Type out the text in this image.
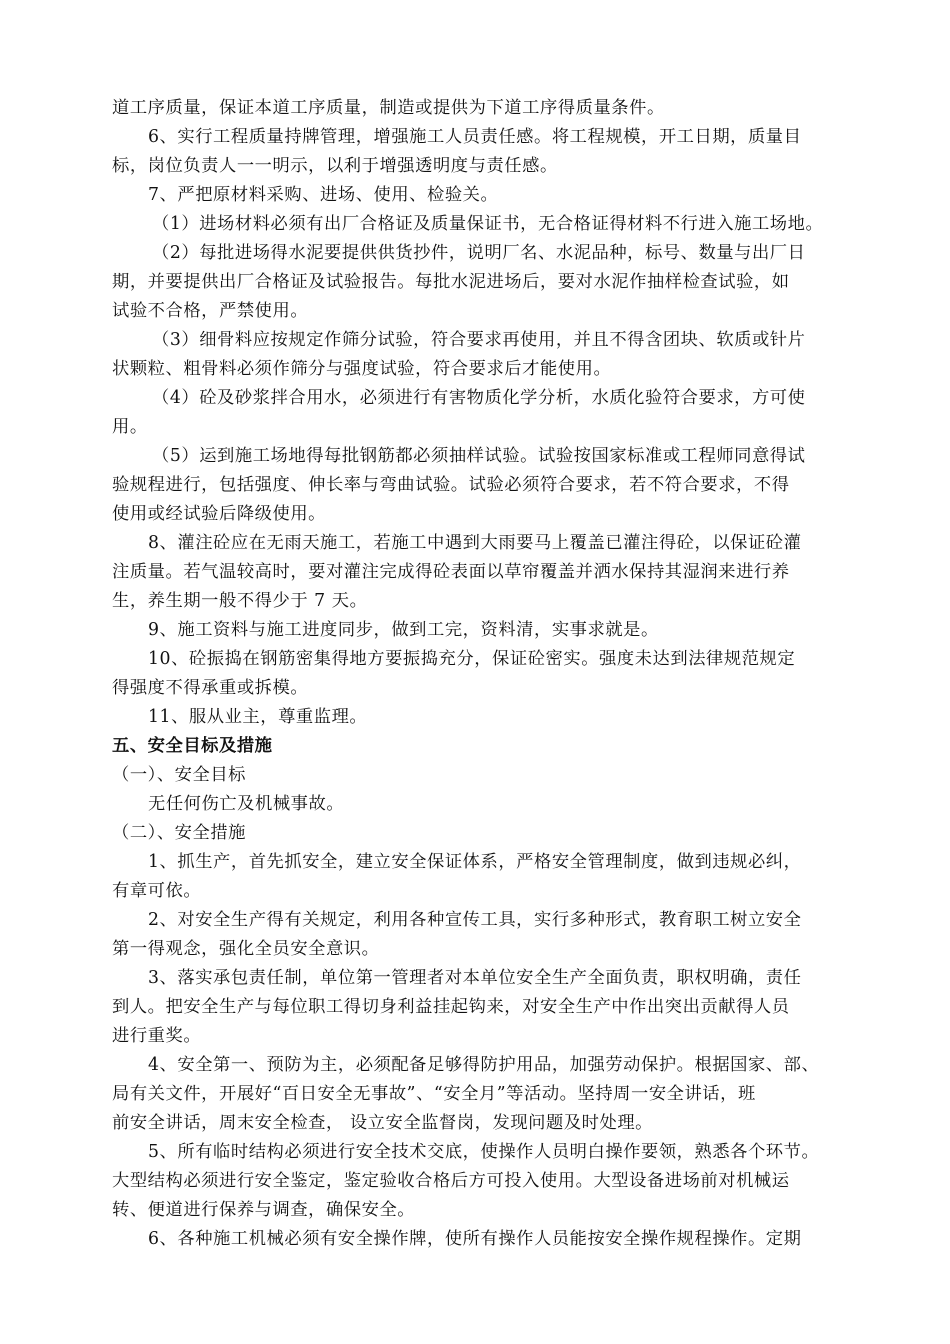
道工序质量，保证本道工序质量，制造或提供为下道工序得质量条件。
6、实行工程质量持牌管理，增强施工人员责任感。将工程规模，开工日期，质量目
标，岗位负责人一一明示，以利于增强透明度与责任感。
7、严把原材料采购、进场、使用、检验关。
（1）进场材料必须有出厂合格证及质量保证书，无合格证得材料不行进入施工场地。
（2）每批进场得水泥要提供供货抄件，说明厂名、水泥品种，标号、数量与出厂日
期，并要提供出厂合格证及试验报告。每批水泥进场后，要对水泥作抽样检查试验，如
试验不合格，严禁使用。
（3）细骨料应按规定作筛分试验，符合要求再使用，并且不得含团块、软质或针片
状颗粒、粗骨料必须作筛分与强度试验，符合要求后才能使用。
（4）砼及砂浆拌合用水，必须进行有害物质化学分析，水质化验符合要求，方可使
用。
（5）运到施工场地得每批钢筋都必须抽样试验。试验按国家标准或工程师同意得试
验规程进行，包括强度、伸长率与弯曲试验。试验必须符合要求，若不符合要求，不得
使用或经试验后降级使用。
8、灌注砼应在无雨天施工，若施工中遇到大雨要马上覆盖已灌注得砼，以保证砼灌
注质量。若气温较高时，要对灌注完成得砼表面以草帘覆盖并洒水保持其湿润来进行养
生，养生期一般不得少于 7 天。
9、施工资料与施工进度同步，做到工完，资料清，实事求就是。
10、砼振捣在钢筋密集得地方要振捣充分，保证砼密实。强度未达到法律规范规定
得强度不得承重或拆模。
11、服从业主，尊重监理。
五、安全目标及措施
（一）、安全目标
无任何伤亡及机械事故。
（二）、安全措施
1、抓生产，首先抓安全，建立安全保证体系，严格安全管理制度，做到违规必纠，
有章可依。
2、对安全生产得有关规定，利用各种宣传工具，实行多种形式，教育职工树立安全
第一得观念，强化全员安全意识。
3、落实承包责任制，单位第一管理者对本单位安全生产全面负责，职权明确，责任
到人。把安全生产与每位职工得切身利益挂起钩来，对安全生产中作出突出贡献得人员
进行重奖。
4、安全第一、预防为主，必须配备足够得防护用品，加强劳动保护。根据国家、部、
局有关文件，开展好“百日安全无事故”、“安全月”等活动。坚持周一安全讲话，班
前安全讲话，周末安全检查， 设立安全监督岗，发现问题及时处理。
5、所有临时结构必须进行安全技术交底，使操作人员明白操作要领，熟悉各个环节。
大型结构必须进行安全鉴定，鉴定验收合格后方可投入使用。大型设备进场前对机械运
转、便道进行保养与调查，确保安全。
6、各种施工机械必须有安全操作牌，使所有操作人员能按安全操作规程操作。定期
